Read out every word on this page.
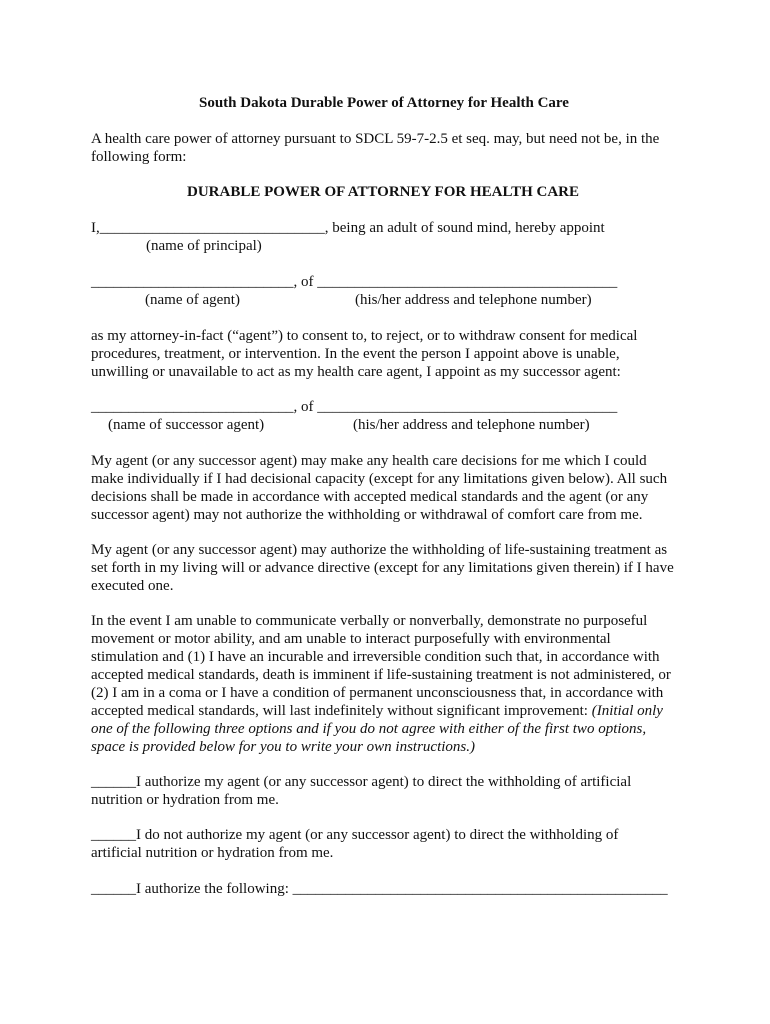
South Dakota Durable Power of Attorney for Health Care
A health care power of attorney pursuant to SDCL 59-7-2.5 et seq. may, but need not be, in the
following form:
DURABLE POWER OF ATTORNEY FOR HEALTH CARE
I,______________________________, being an adult of sound mind, hereby appoint
(name of principal)
___________________________, of ________________________________________
(name of agent)	(his/her address and telephone number)
as my attorney-in-fact (“agent”) to consent to, to reject, or to withdraw consent for medical
procedures, treatment, or intervention. In the event the person I appoint above is unable,
unwilling or unavailable to act as my health care agent, I appoint as my successor agent:
___________________________, of ________________________________________
(name of successor agent)	(his/her address and telephone number)
My agent (or any successor agent) may make any health care decisions for me which I could
make individually if I had decisional capacity (except for any limitations given below). All such
decisions shall be made in accordance with accepted medical standards and the agent (or any
successor agent) may not authorize the withholding or withdrawal of comfort care from me.
My agent (or any successor agent) may authorize the withholding of life-sustaining treatment as
set forth in my living will or advance directive (except for any limitations given therein) if I have
executed one.
In the event I am unable to communicate verbally or nonverbally, demonstrate no purposeful
movement or motor ability, and am unable to interact purposefully with environmental
stimulation and (1) I have an incurable and irreversible condition such that, in accordance with
accepted medical standards, death is imminent if life-sustaining treatment is not administered, or
(2) I am in a coma or I have a condition of permanent unconsciousness that, in accordance with
accepted medical standards, will last indefinitely without significant improvement: (Initial only
one of the following three options and if you do not agree with either of the first two options,
space is provided below for you to write your own instructions.)
______I authorize my agent (or any successor agent) to direct the withholding of artificial
nutrition or hydration from me.
______I do not authorize my agent (or any successor agent) to direct the withholding of
artificial nutrition or hydration from me.
______I authorize the following: __________________________________________________
